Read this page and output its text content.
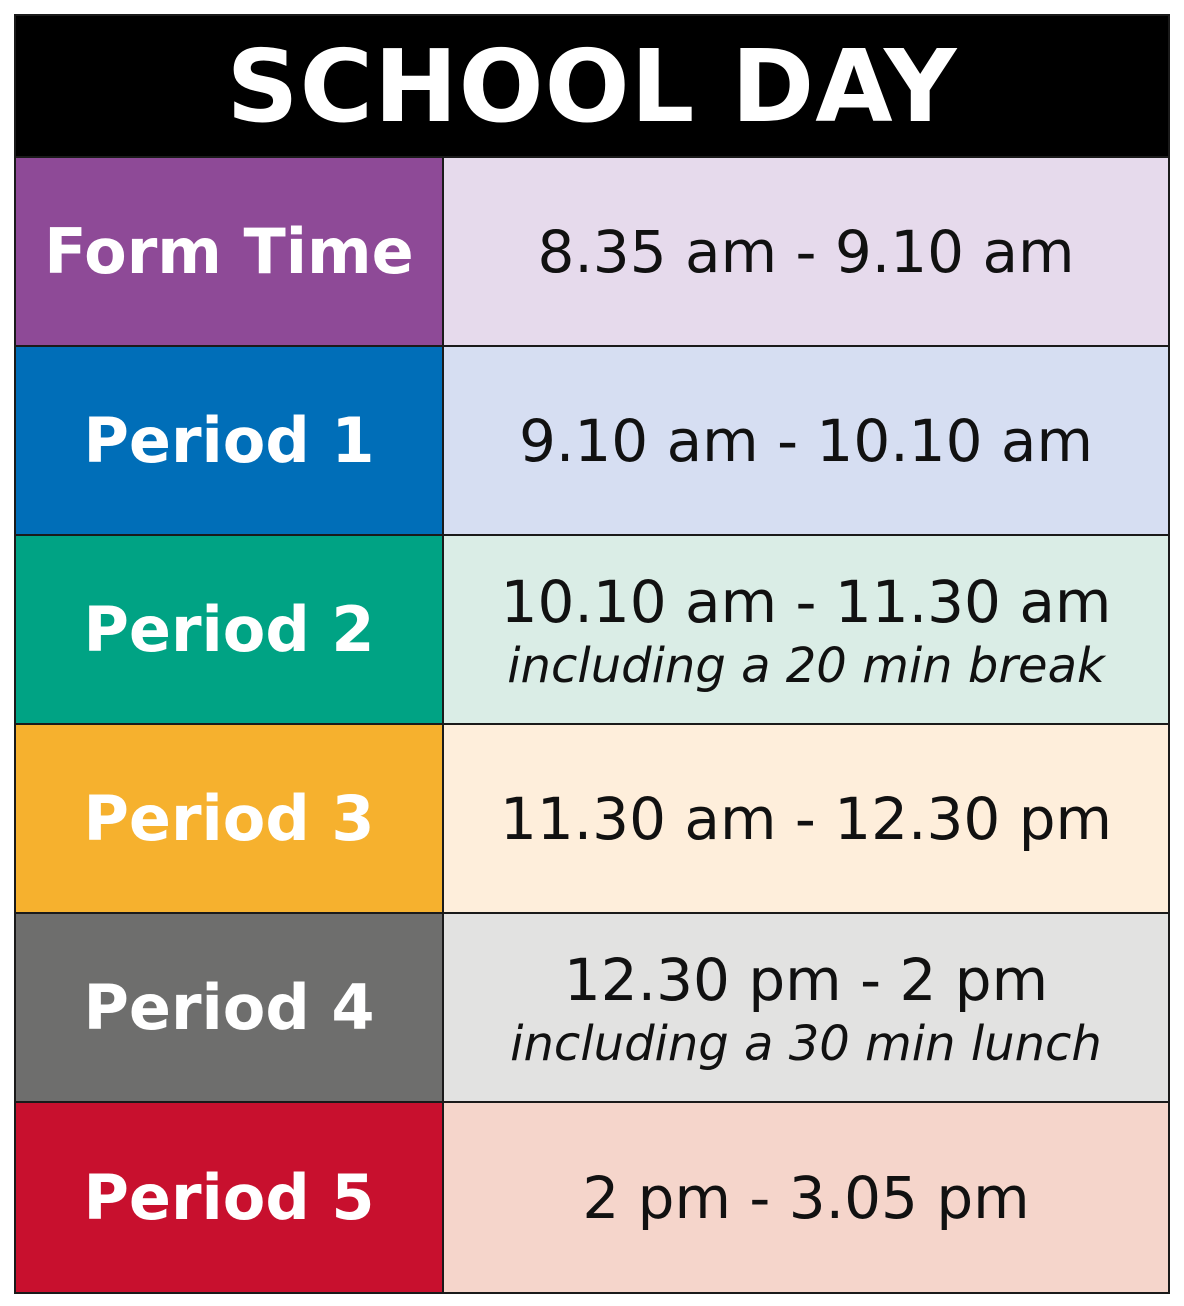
SCHOOL DAY
Form Time	8.35 am - 9.10 am
Period 1	9.10 am - 10.10 am
Period 2	10.10 am - 11.30 am
including a 20 min break
Period 3	11.30 am - 12.30 pm
Period 4	12.30 pm - 2 pm
including a 30 min lunch
Period 5	2 pm - 3.05 pm
